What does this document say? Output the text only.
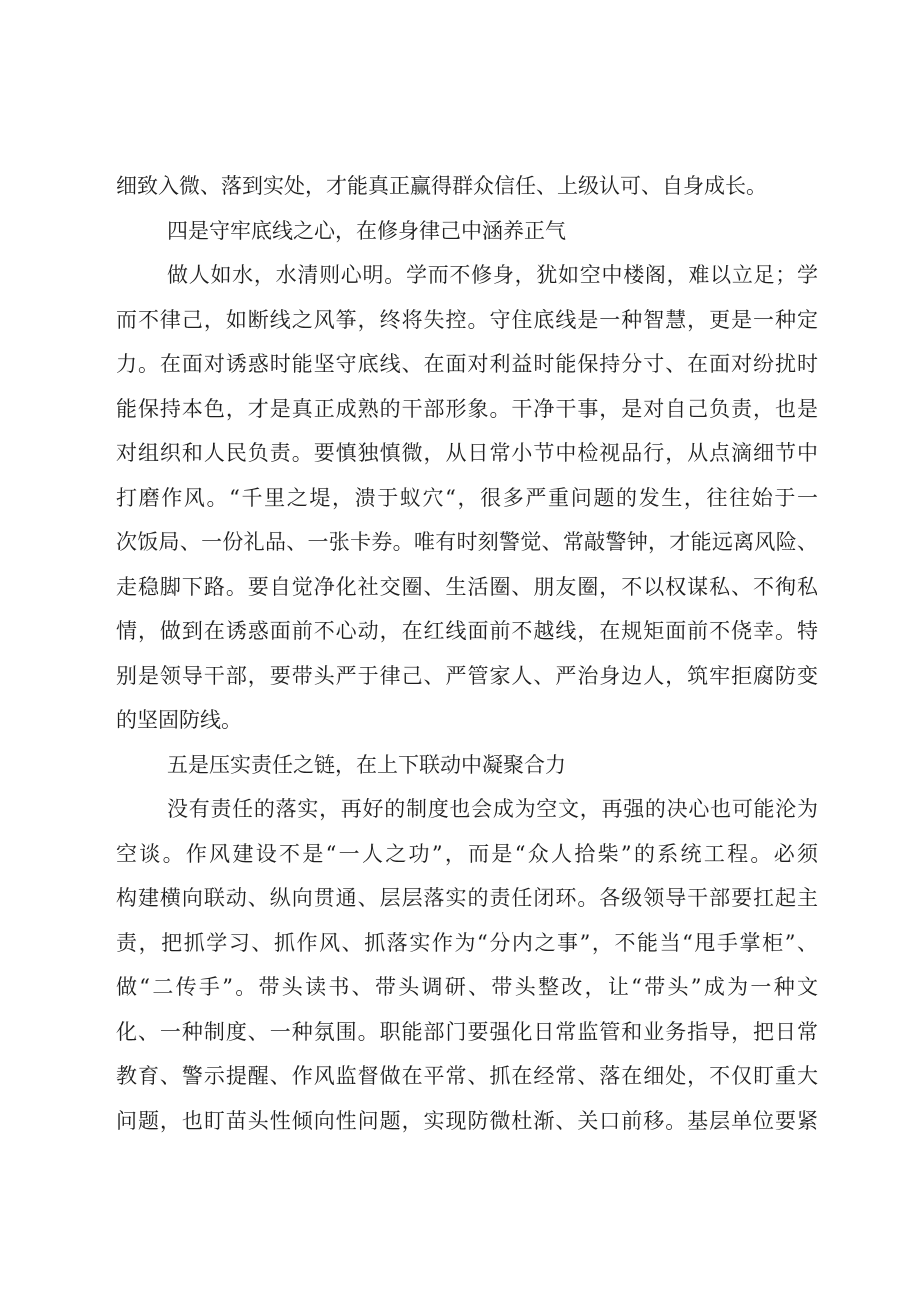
细致入微、落到实处，才能真正赢得群众信任、上级认可、自身成长。
四是守牢底线之心，在修身律己中涵养正气
做人如水，水清则心明。学而不修身，犹如空中楼阁，难以立足；学
而不律己，如断线之风筝，终将失控。守住底线是一种智慧，更是一种定
力。在面对诱惑时能坚守底线、在面对利益时能保持分寸、在面对纷扰时
能保持本色，才是真正成熟的干部形象。干净干事，是对自己负责，也是
对组织和人民负责。要慎独慎微，从日常小节中检视品行，从点滴细节中
打磨作风。“千里之堤，溃于蚁穴“，很多严重问题的发生，往往始于一
次饭局、一份礼品、一张卡券。唯有时刻警觉、常敲警钟，才能远离风险、
走稳脚下路。要自觉净化社交圈、生活圈、朋友圈，不以权谋私、不徇私
情，做到在诱惑面前不心动，在红线面前不越线，在规矩面前不侥幸。特
别是领导干部，要带头严于律己、严管家人、严治身边人，筑牢拒腐防变
的坚固防线。
五是压实责任之链，在上下联动中凝聚合力
没有责任的落实，再好的制度也会成为空文，再强的决心也可能沦为
空谈。作风建设不是“一人之功”，而是“众人拾柴”的系统工程。必须
构建横向联动、纵向贯通、层层落实的责任闭环。各级领导干部要扛起主
责，把抓学习、抓作风、抓落实作为“分内之事”，不能当“甩手掌柜”、
做“二传手”。带头读书、带头调研、带头整改，让“带头”成为一种文
化、一种制度、一种氛围。职能部门要强化日常监管和业务指导，把日常
教育、警示提醒、作风监督做在平常、抓在经常、落在细处，不仅盯重大
问题，也盯苗头性倾向性问题，实现防微杜渐、关口前移。基层单位要紧
